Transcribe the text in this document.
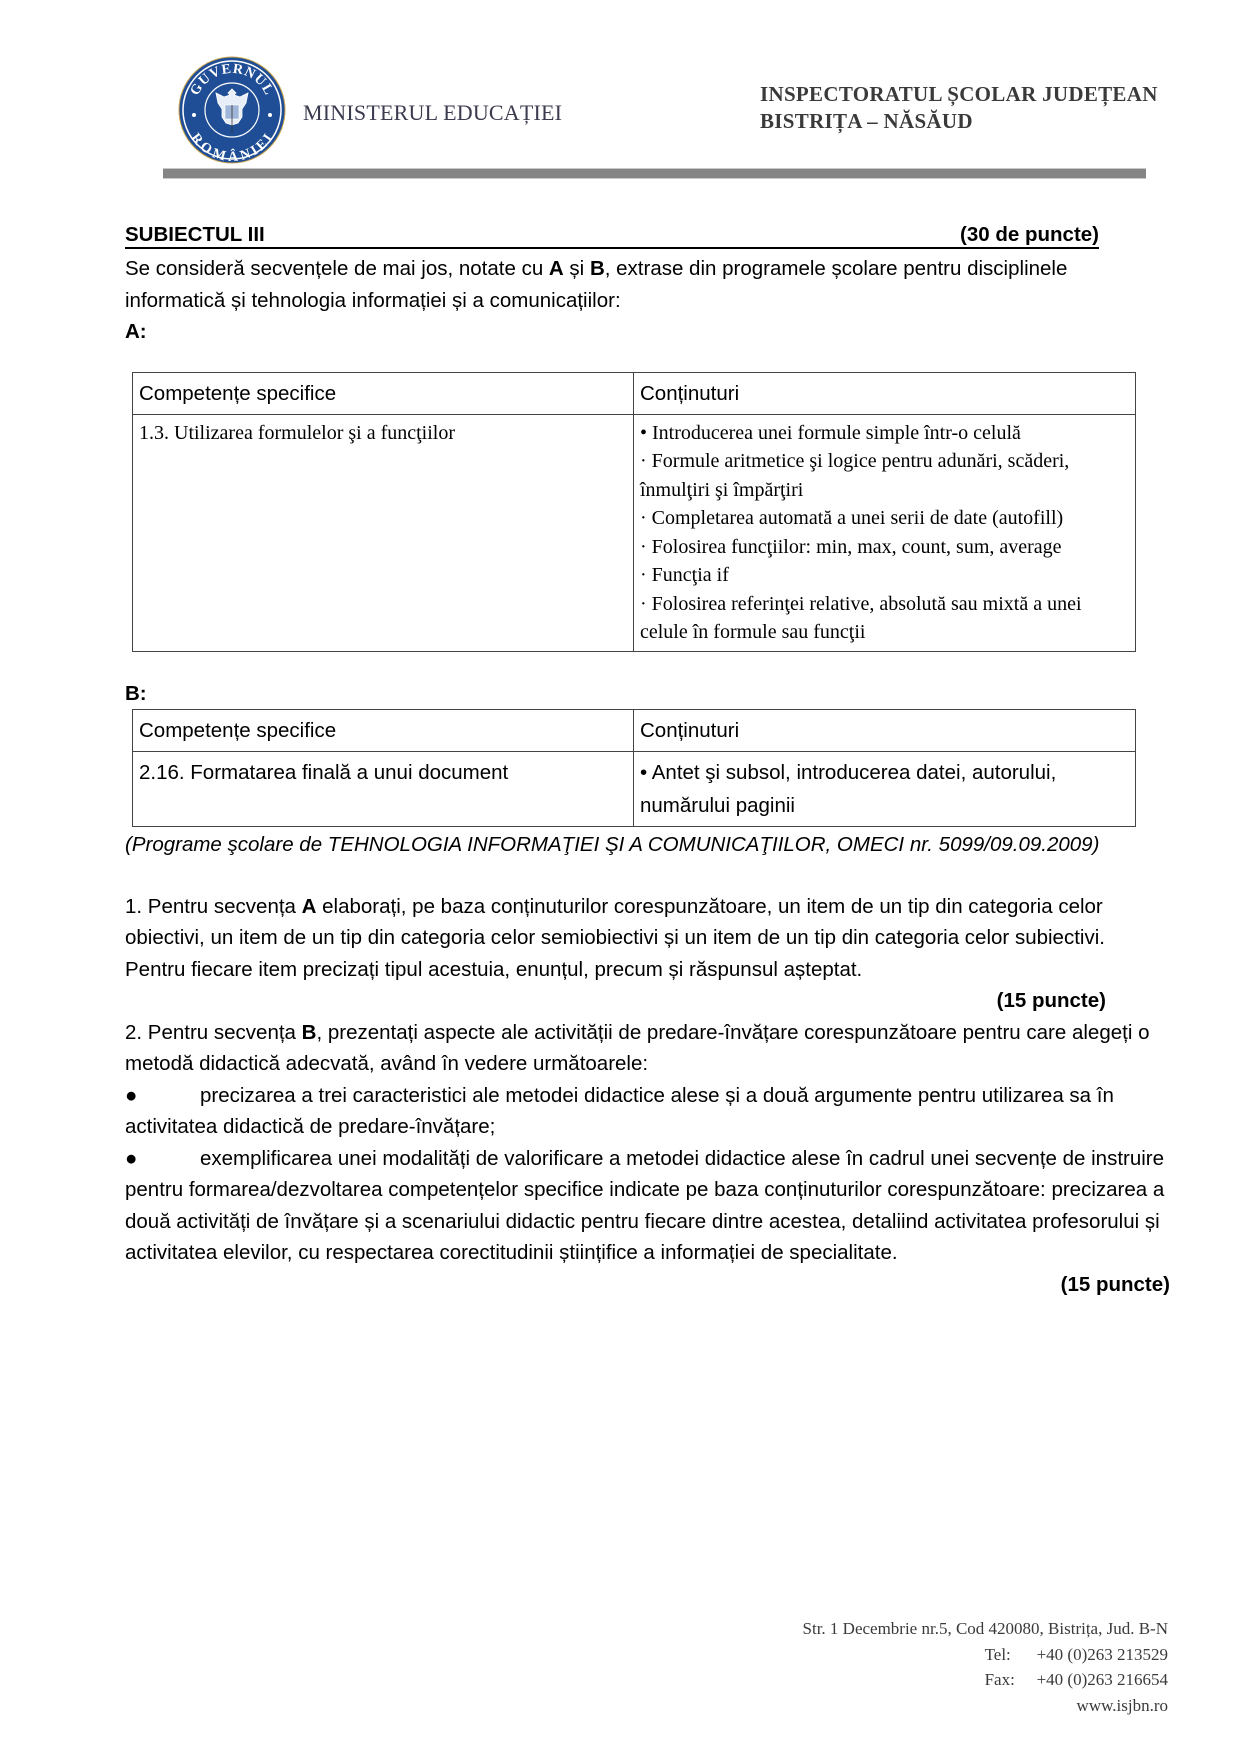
GUVERNUL
ROMÂNIEI
MINISTERUL EDUCAȚIEI
INSPECTORATUL ȘCOLAR JUDEȚEAN
BISTRIȚA – NĂSĂUD
SUBIECTUL III	(30 de puncte)

Se consideră secvențele de mai jos, notate cu A și B, extrase din programele școlare pentru disciplinele informatică și tehnologia informației și a comunicațiilor:

A:

Competențe specifice	Conținuturi
1.3. Utilizarea formulelor şi a funcţiilor	• Introducerea unei formule simple într-o celulă
· Formule aritmetice şi logice pentru adunări, scăderi, înmulţiri şi împărţiri
· Completarea automată a unei serii de date (autofill)
· Folosirea funcţiilor: min, max, count, sum, average
· Funcţia if
· Folosirea referinţei relative, absolută sau mixtă a unei celule în formule sau funcţii

B:

Competențe specifice	Conținuturi
2.16. Formatarea finală a unui document	• Antet şi subsol, introducerea datei, autorului, numărului paginii

(Programe şcolare de TEHNOLOGIA INFORMAŢIEI ŞI A COMUNICAŢIILOR, OMECI nr. 5099/09.09.2009)

1. Pentru secvența A elaborați, pe baza conținuturilor corespunzătoare, un item de un tip din categoria celor obiectivi, un item de un tip din categoria celor semiobiectivi și un item de un tip din categoria celor subiectivi. Pentru fiecare item precizați tipul acestuia, enunțul, precum și răspunsul așteptat.

(15 puncte)

2. Pentru secvența B, prezentați aspecte ale activității de predare-învățare corespunzătoare pentru care alegeți o metodă didactică adecvată, având în vedere următoarele:

●	precizarea a trei caracteristici ale metodei didactice alese și a două argumente pentru utilizarea sa în activitatea didactică de predare-învățare;

●	exemplificarea unei modalități de valorificare a metodei didactice alese în cadrul unei secvențe de instruire pentru formarea/dezvoltarea competențelor specifice indicate pe baza conținuturilor corespunzătoare: precizarea a două activități de învățare și a scenariului didactic pentru fiecare dintre acestea, detaliind activitatea profesorului și activitatea elevilor, cu respectarea corectitudinii științifice a informației de specialitate.

(15 puncte)

Str. 1 Decembrie nr.5, Cod 420080, Bistrița, Jud. B-N
Tel: +40 (0)263 213529
Fax: +40 (0)263 216654
www.isjbn.ro
